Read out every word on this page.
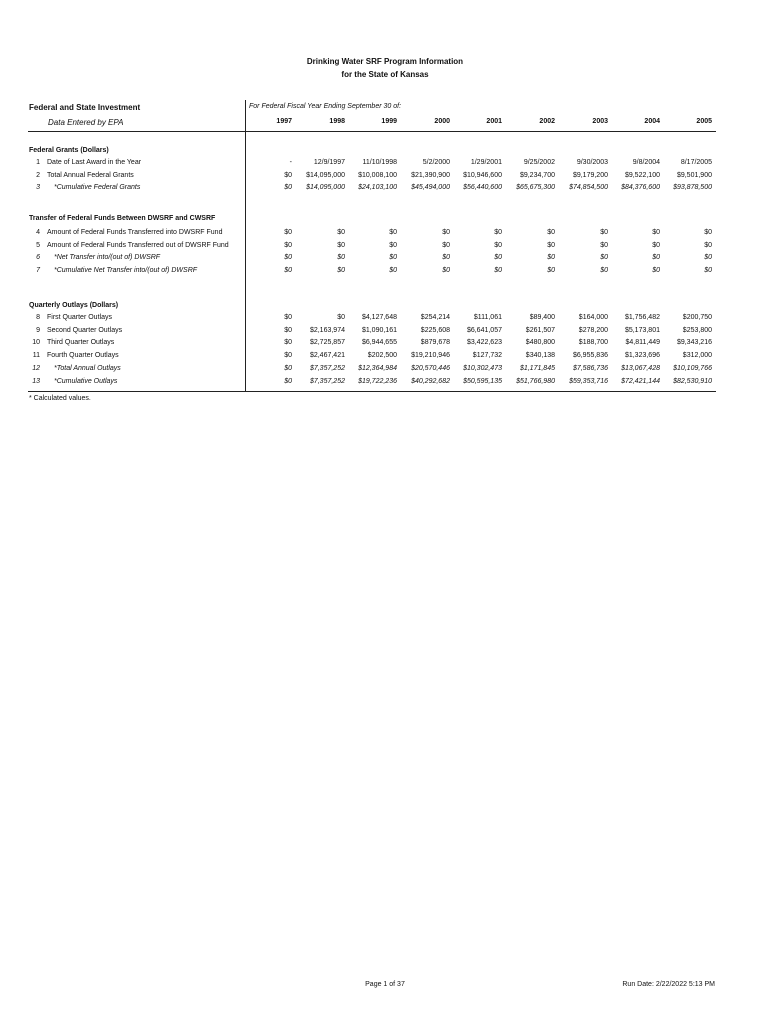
Drinking Water SRF Program Information
for the State of Kansas
Federal and State Investment
Data Entered by EPA
For Federal Fiscal Year Ending September 30 of:
1997	1998	1999	2000	2001	2002	2003	2004	2005
Federal Grants (Dollars)
1 Date of Last Award in the Year	-	12/9/1997	11/10/1998	5/2/2000	1/29/2001	9/25/2002	9/30/2003	9/8/2004	8/17/2005
2 Total Annual Federal Grants	$0	$14,095,000	$10,008,100	$21,390,900	$10,946,600	$9,234,700	$9,179,200	$9,522,100	$9,501,900
3 *Cumulative Federal Grants	$0	$14,095,000	$24,103,100	$45,494,000	$56,440,600	$65,675,300	$74,854,500	$84,376,600	$93,878,500
Transfer of Federal Funds Between DWSRF and CWSRF
4 Amount of Federal Funds Transferred into DWSRF Fund	$0	$0	$0	$0	$0	$0	$0	$0	$0
5 Amount of Federal Funds Transferred out of DWSRF Fund	$0	$0	$0	$0	$0	$0	$0	$0	$0
6 *Net Transfer into/(out of) DWSRF	$0	$0	$0	$0	$0	$0	$0	$0	$0
7 *Cumulative Net Transfer into/(out of) DWSRF	$0	$0	$0	$0	$0	$0	$0	$0	$0
Quarterly Outlays (Dollars)
8 First Quarter Outlays	$0	$0	$4,127,648	$254,214	$111,061	$89,400	$164,000	$1,756,482	$200,750
9 Second Quarter Outlays	$0	$2,163,974	$1,090,161	$225,608	$6,641,057	$261,507	$278,200	$5,173,801	$253,800
10 Third Quarter Outlays	$0	$2,725,857	$6,944,655	$879,678	$3,422,623	$480,800	$188,700	$4,811,449	$9,343,216
11 Fourth Quarter Outlays	$0	$2,467,421	$202,500	$19,210,946	$127,732	$340,138	$6,955,836	$1,323,696	$312,000
12 *Total Annual Outlays	$0	$7,357,252	$12,364,984	$20,570,446	$10,302,473	$1,171,845	$7,586,736	$13,067,428	$10,109,766
13 *Cumulative Outlays	$0	$7,357,252	$19,722,236	$40,292,682	$50,595,135	$51,766,980	$59,353,716	$72,421,144	$82,530,910
* Calculated values.
Page 1 of 37	Run Date: 2/22/2022 5:13 PM
